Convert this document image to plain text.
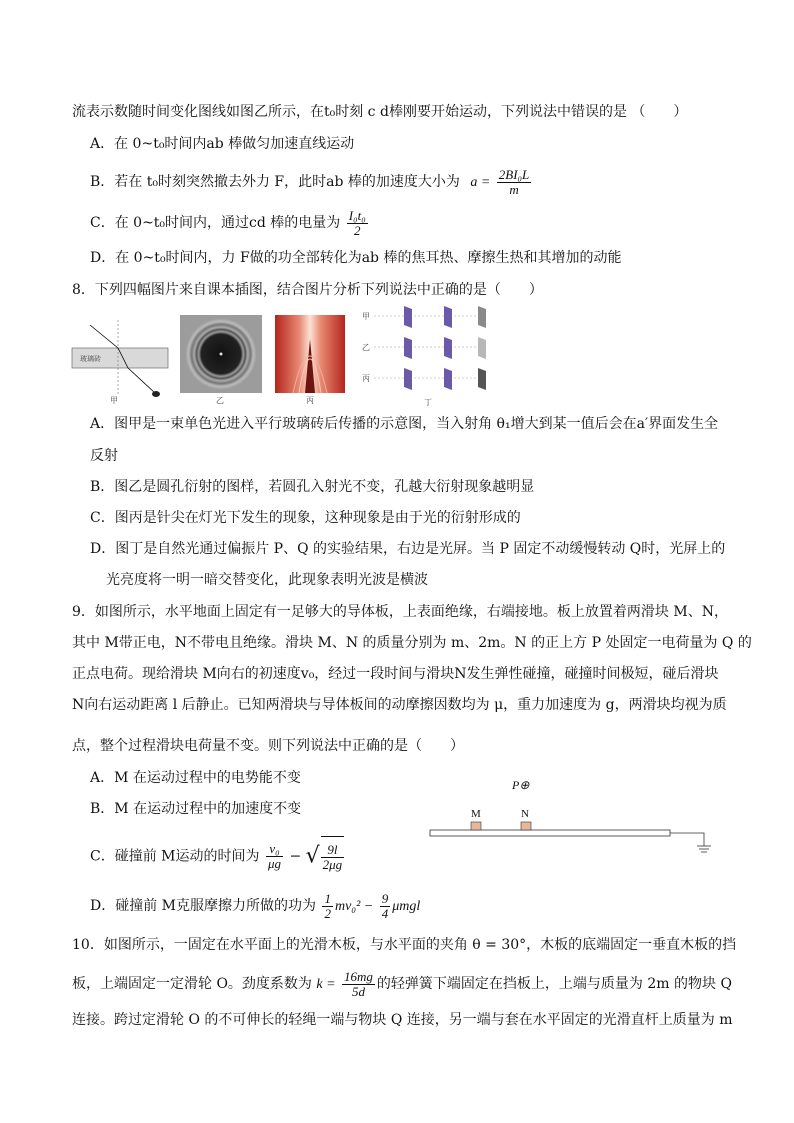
流表示数随时间变化图线如图乙所示，在t₀时刻 c d棒刚要开始运动，下列说法中错误的是 （　　）
A．在 0~t₀时间内ab 棒做匀加速直线运动
B．若在 t₀时刻突然撤去外力 F，此时ab 棒的加速度大小为 $a = \frac{\text{2BI₀L}}{m}$
C．在 0~t₀时间内，通过cd 棒的电量为 $\frac{\text{I₀t₀}}{2}$
D．在 0~t₀时间内，力 F做的功全部转化为ab 棒的焦耳热、摩擦生热和其增加的动能
8．下列四幅图片来自课本插图，结合图片分析下列说法中正确的是（　　）
玻璃砖
甲	乙	丙
甲
乙
丙
丁
A．图甲是一束单色光进入平行玻璃砖后传播的示意图，当入射角 θ₁增大到某一值后会在a′界面发生全
反射
B．图乙是圆孔衍射的图样，若圆孔入射光不变，孔越大衍射现象越明显
C．图丙是针尖在灯光下发生的现象，这种现象是由于光的衍射形成的
D．图丁是自然光通过偏振片 P、Q 的实验结果，右边是光屏。当 P 固定不动缓慢转动 Q时，光屏上的
光亮度将一明一暗交替变化，此现象表明光波是横波
9．如图所示，水平地面上固定有一足够大的导体板，上表面绝缘，右端接地。板上放置着两滑块 M、N，
其中 M带正电，N不带电且绝缘。滑块 M、N 的质量分别为 m、2m。N 的正上方 P 处固定一电荷量为 Q 的
正点电荷。现给滑块 M向右的初速度v₀，经过一段时间与滑块N发生弹性碰撞，碰撞时间极短，碰后滑块
N向右运动距离 l 后静止。已知两滑块与导体板间的动摩擦因数均为 μ，重力加速度为 g，两滑块均视为质
点，整个过程滑块电荷量不变。则下列说法中正确的是（　　）
A．M 在运动过程中的电势能不变
B．M 在运动过程中的加速度不变
C．碰撞前 M运动的时间为 $\frac{\text{v₀}}{\mu g}$ − √ $\frac{9l}{2\mu g}$
D．碰撞前 M克服摩擦力所做的功为 $\frac{1}{2} mv_0^2 - \frac{9}{4}$ μmgl
P⊕
M	N
10．如图所示，一固定在水平面上的光滑木板，与水平面的夹角 θ = 30°，木板的底端固定一垂直木板的挡
板，上端固定一定滑轮 O。劲度系数为 $k = \frac{16mg}{5d}$ 的轻弹簧下端固定在挡板上，上端与质量为 2m 的物块 Q
连接。跨过定滑轮 O 的不可伸长的轻绳一端与物块 Q 连接，另一端与套在水平固定的光滑直杆上质量为 m
